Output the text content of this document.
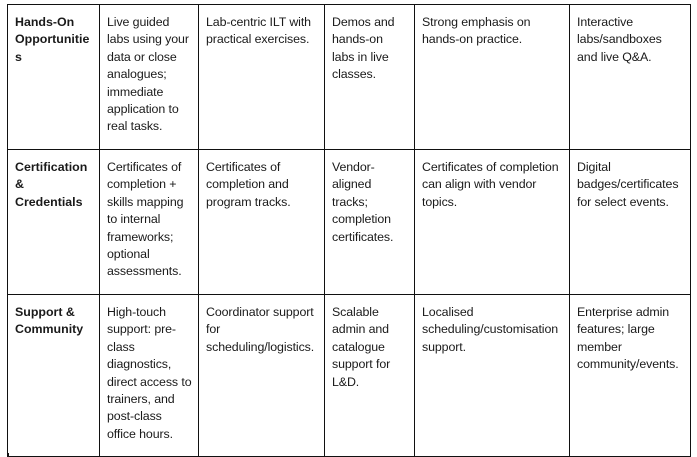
Hands-On Opportunities	Live guided labs using your data or close analogues; immediate application to real tasks.	Lab-centric ILT with practical exercises.	Demos and hands-on labs in live classes.	Strong emphasis on hands-on practice.	Interactive labs/sandboxes and live Q&A.
Certification & Credentials	Certificates of completion + skills mapping to internal frameworks; optional assessments.	Certificates of completion and program tracks.	Vendor-aligned tracks; completion certificates.	Certificates of completion can align with vendor topics.	Digital badges/certificates for select events.
Support & Community	High-touch support: pre-class diagnostics, direct access to trainers, and post-class office hours.	Coordinator support for scheduling/logistics.	Scalable admin and catalogue support for L&D.	Localised scheduling/customisation support.	Enterprise admin features; large member community/events.
